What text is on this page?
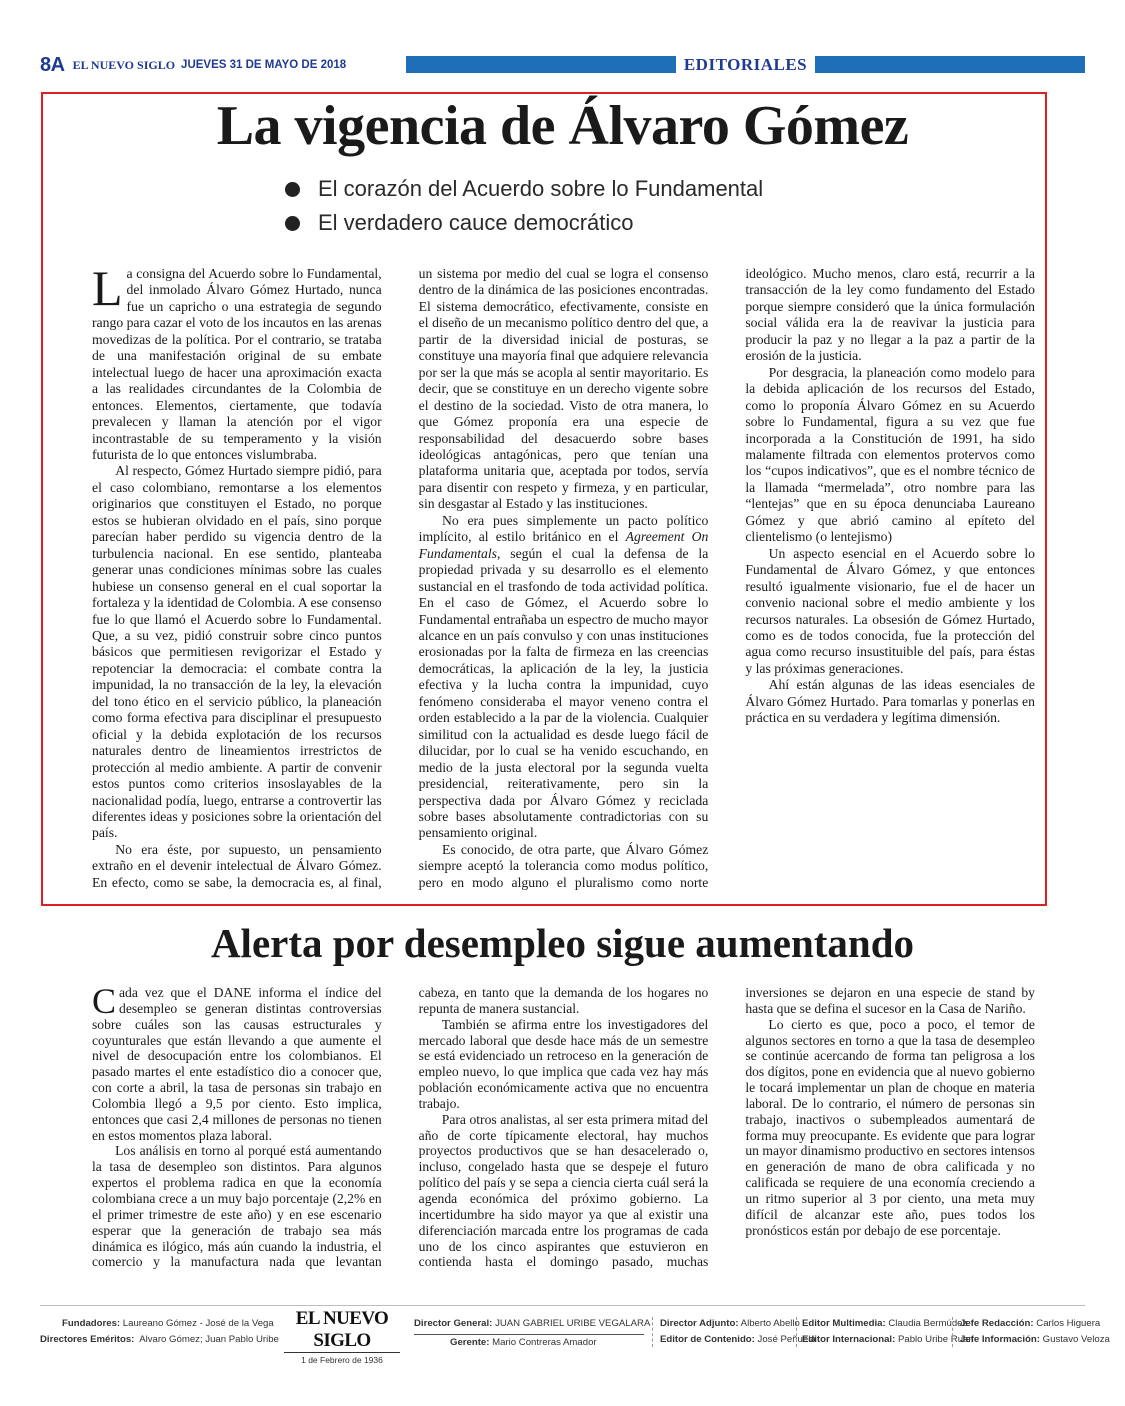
8A EL NUEVO SIGLO JUEVES 31 DE MAYO DE 2018	EDITORIALES
La vigencia de Álvaro Gómez
El corazón del Acuerdo sobre lo Fundamental
El verdadero cauce democrático

La consigna del Acuerdo sobre lo Fundamental, del inmolado Álvaro Gómez Hurtado, nunca fue un capricho o una estrategia de segundo rango para cazar el voto de los incautos en las arenas movedizas de la política. Por el contrario, se trataba de una manifestación original de su embate intelectual luego de hacer una aproximación exacta a las realidades circundantes de la Colombia de entonces. Elementos, ciertamente, que todavía prevalecen y llaman la atención por el vigor incontrastable de su temperamento y la visión futurista de lo que entonces vislumbraba.

Al respecto, Gómez Hurtado siempre pidió, para el caso colombiano, remontarse a los elementos originarios que constituyen el Estado, no porque estos se hubieran olvidado en el país, sino porque parecían haber perdido su vigencia dentro de la turbulencia nacional. En ese sentido, planteaba generar unas condiciones mínimas sobre las cuales hubiese un consenso general en el cual soportar la fortaleza y la identidad de Colombia. A ese consenso fue lo que llamó el Acuerdo sobre lo Fundamental. Que, a su vez, pidió construir sobre cinco puntos básicos que permitiesen revigorizar el Estado y repotenciar la democracia: el combate contra la impunidad, la no transacción de la ley, la elevación del tono ético en el servicio público, la planeación como forma efectiva para disciplinar el presupuesto oficial y la debida explotación de los recursos naturales dentro de lineamientos irrestrictos de protección al medio ambiente. A partir de convenir estos puntos como criterios insoslayables de la nacionalidad podía, luego, entrarse a controvertir las diferentes ideas y posiciones sobre la orientación del país.

No era éste, por supuesto, un pensamiento extraño en el devenir intelectual de Álvaro Gómez. En efecto, como se sabe, la democracia es, al final, un sistema por medio del cual se logra el consenso dentro de la dinámica de las posiciones encontradas. El sistema democrático, efectivamente, consiste en el diseño de un mecanismo político dentro del que, a partir de la diversidad inicial de posturas, se constituye una mayoría final que adquiere relevancia por ser la que más se acopla al sentir mayoritario. Es decir, que se constituye en un derecho vigente sobre el destino de la sociedad. Visto de otra manera, lo que Gómez proponía era una especie de responsabilidad del desacuerdo sobre bases ideológicas antagónicas, pero que tenían una plataforma unitaria que, aceptada por todos, servía para disentir con respeto y firmeza, y en particular, sin desgastar al Estado y las instituciones.

No era pues simplemente un pacto político implícito, al estilo británico en el Agreement On Fundamentals, según el cual la defensa de la propiedad privada y su desarrollo es el elemento sustancial en el trasfondo de toda actividad política. En el caso de Gómez, el Acuerdo sobre lo Fundamental entrañaba un espectro de mucho mayor alcance en un país convulso y con unas instituciones erosionadas por la falta de firmeza en las creencias democráticas, la aplicación de la ley, la justicia efectiva y la lucha contra la impunidad, cuyo fenómeno consideraba el mayor veneno contra el orden establecido a la par de la violencia. Cualquier similitud con la actualidad es desde luego fácil de dilucidar, por lo cual se ha venido escuchando, en medio de la justa electoral por la segunda vuelta presidencial, reiterativamente, pero sin la perspectiva dada por Álvaro Gómez y reciclada sobre bases absolutamente contradictorias con su pensamiento original.

Es conocido, de otra parte, que Álvaro Gómez siempre aceptó la tolerancia como modus político, pero en modo alguno el pluralismo como norte ideológico. Mucho menos, claro está, recurrir a la transacción de la ley como fundamento del Estado porque siempre consideró que la única formulación social válida era la de reavivar la justicia para producir la paz y no llegar a la paz a partir de la erosión de la justicia.

Por desgracia, la planeación como modelo para la debida aplicación de los recursos del Estado, como lo proponía Álvaro Gómez en su Acuerdo sobre lo Fundamental, figura a su vez que fue incorporada a la Constitución de 1991, ha sido malamente filtrada con elementos protervos como los “cupos indicativos”, que es el nombre técnico de la llamada “mermelada”, otro nombre para las “lentejas” que en su época denunciaba Laureano Gómez y que abrió camino al epíteto del clientelismo (o lentejismo)

Un aspecto esencial en el Acuerdo sobre lo Fundamental de Álvaro Gómez, y que entonces resultó igualmente visionario, fue el de hacer un convenio nacional sobre el medio ambiente y los recursos naturales. La obsesión de Gómez Hurtado, como es de todos conocida, fue la protección del agua como recurso insustituible del país, para éstas y las próximas generaciones.

Ahí están algunas de las ideas esenciales de Álvaro Gómez Hurtado. Para tomarlas y ponerlas en práctica en su verdadera y legítima dimensión.

Alerta por desempleo sigue aumentando

Cada vez que el DANE informa el índice del desempleo se generan distintas controversias sobre cuáles son las causas estructurales y coyunturales que están llevando a que aumente el nivel de desocupación entre los colombianos. El pasado martes el ente estadístico dio a conocer que, con corte a abril, la tasa de personas sin trabajo en Colombia llegó a 9,5 por ciento. Esto implica, entonces que casi 2,4 millones de personas no tienen en estos momentos plaza laboral.

Los análisis en torno al porqué está aumentando la tasa de desempleo son distintos. Para algunos expertos el problema radica en que la economía colombiana crece a un muy bajo porcentaje (2,2% en el primer trimestre de este año) y en ese escenario esperar que la generación de trabajo sea más dinámica es ilógico, más aún cuando la industria, el comercio y la manufactura nada que levantan cabeza, en tanto que la demanda de los hogares no repunta de manera sustancial.

También se afirma entre los investigadores del mercado laboral que desde hace más de un semestre se está evidenciado un retroceso en la generación de empleo nuevo, lo que implica que cada vez hay más población económicamente activa que no encuentra trabajo.

Para otros analistas, al ser esta primera mitad del año de corte típicamente electoral, hay muchos proyectos productivos que se han desacelerado o, incluso, congelado hasta que se despeje el futuro político del país y se sepa a ciencia cierta cuál será la agenda económica del próximo gobierno. La incertidumbre ha sido mayor ya que al existir una diferenciación marcada entre los programas de cada uno de los cinco aspirantes que estuvieron en contienda hasta el domingo pasado, muchas inversiones se dejaron en una especie de stand by hasta que se defina el sucesor en la Casa de Nariño.

Lo cierto es que, poco a poco, el temor de algunos sectores en torno a que la tasa de desempleo se continúe acercando de forma tan peligrosa a los dos dígitos, pone en evidencia que al nuevo gobierno le tocará implementar un plan de choque en materia laboral. De lo contrario, el número de personas sin trabajo, inactivos o subempleados aumentará de forma muy preocupante. Es evidente que para lograr un mayor dinamismo productivo en sectores intensos en generación de mano de obra calificada y no calificada se requiere de una economía creciendo a un ritmo superior al 3 por ciento, una meta muy difícil de alcanzar este año, pues todos los pronósticos están por debajo de ese porcentaje.

Fundadores: Laureano Gómez - José de la Vega
Directores Eméritos: Alvaro Gómez; Juan Pablo Uribe
EL NUEVO SIGLO
1 de Febrero de 1936
Director General: JUAN GABRIEL URIBE VEGALARA
Gerente: Mario Contreras Amador
Director Adjunto: Alberto Abello
Editor de Contenido: José Peñuela
Editor Multimedia: Claudia Bermúdez
Editor Internacional: Pablo Uribe Ruan
Jefe Redacción: Carlos Higuera
Jefe Información: Gustavo Veloza
